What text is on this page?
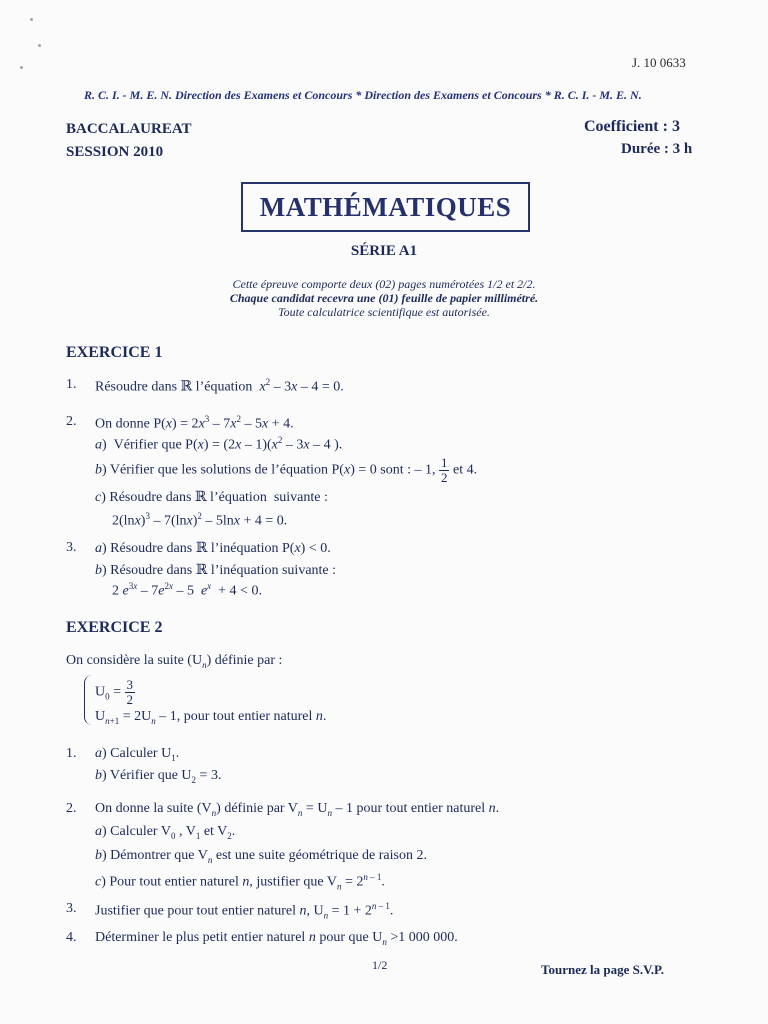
J. 10 0633
R. C. I. - M. E. N. Direction des Examens et Concours * Direction des Examens et Concours * R. C. I. - M. E. N.
BACCALAUREAT
SESSION 2010
Coefficient : 3
Durée : 3 h
MATHÉMATIQUES
SÉRIE A1
Cette épreuve comporte deux (02) pages numérotées 1/2 et 2/2.
Chaque candidat recevra une (01) feuille de papier millimétré.
Toute calculatrice scientifique est autorisée.
EXERCICE 1
1. Résoudre dans ℝ l’équation  $x^2 - 3x - 4 = 0$.
2. On donne $P(x) = 2x^3 - 7x^2 - 5x + 4$.
a)  Vérifier que $P(x) = (2x - 1)(x^2 - 3x - 4$ ).
b) Vérifier que les solutions de l’équation P(x) = 0 sont : – 1, $\frac{1}{2}$ et 4.
c) Résoudre dans ℝ l’équation  suivante :
$2(\ln x)^3 - 7(\ln x)^2 - 5\ln x + 4 = 0$.
3. a) Résoudre dans ℝ l’inéquation P(x) < 0.
b) Résoudre dans ℝ l’inéquation suivante :
2 $e^{3x} - 7e^{2x} - 5$  $e^x + 4 < 0$.
EXERCICE 2
On considère la suite $(U_n)$ définie par :
$U_0 = \frac{3}{2}$
$U_{n+1} = 2U_n - 1$, pour tout entier naturel n.
1. a) Calculer $U_1$.
b) Vérifier que $U_2 = 3$.
2. On donne la suite $(V_n)$ définie par $V_n = U_n - 1$ pour tout entier naturel n.
a) Calculer $V_0$ , $V_1$ et $V_2$.
b) Démontrer que $V_n$ est une suite géométrique de raison 2.
c) Pour tout entier naturel n, justifier que $V_n = 2^{n - 1}$.
3. Justifier que pour tout entier naturel n, $U_n = 1 + 2^{n - 1}$.
4. Déterminer le plus petit entier naturel n pour que $U_n >1$ 000 000.
1/2	Tournez la page S.V.P.
